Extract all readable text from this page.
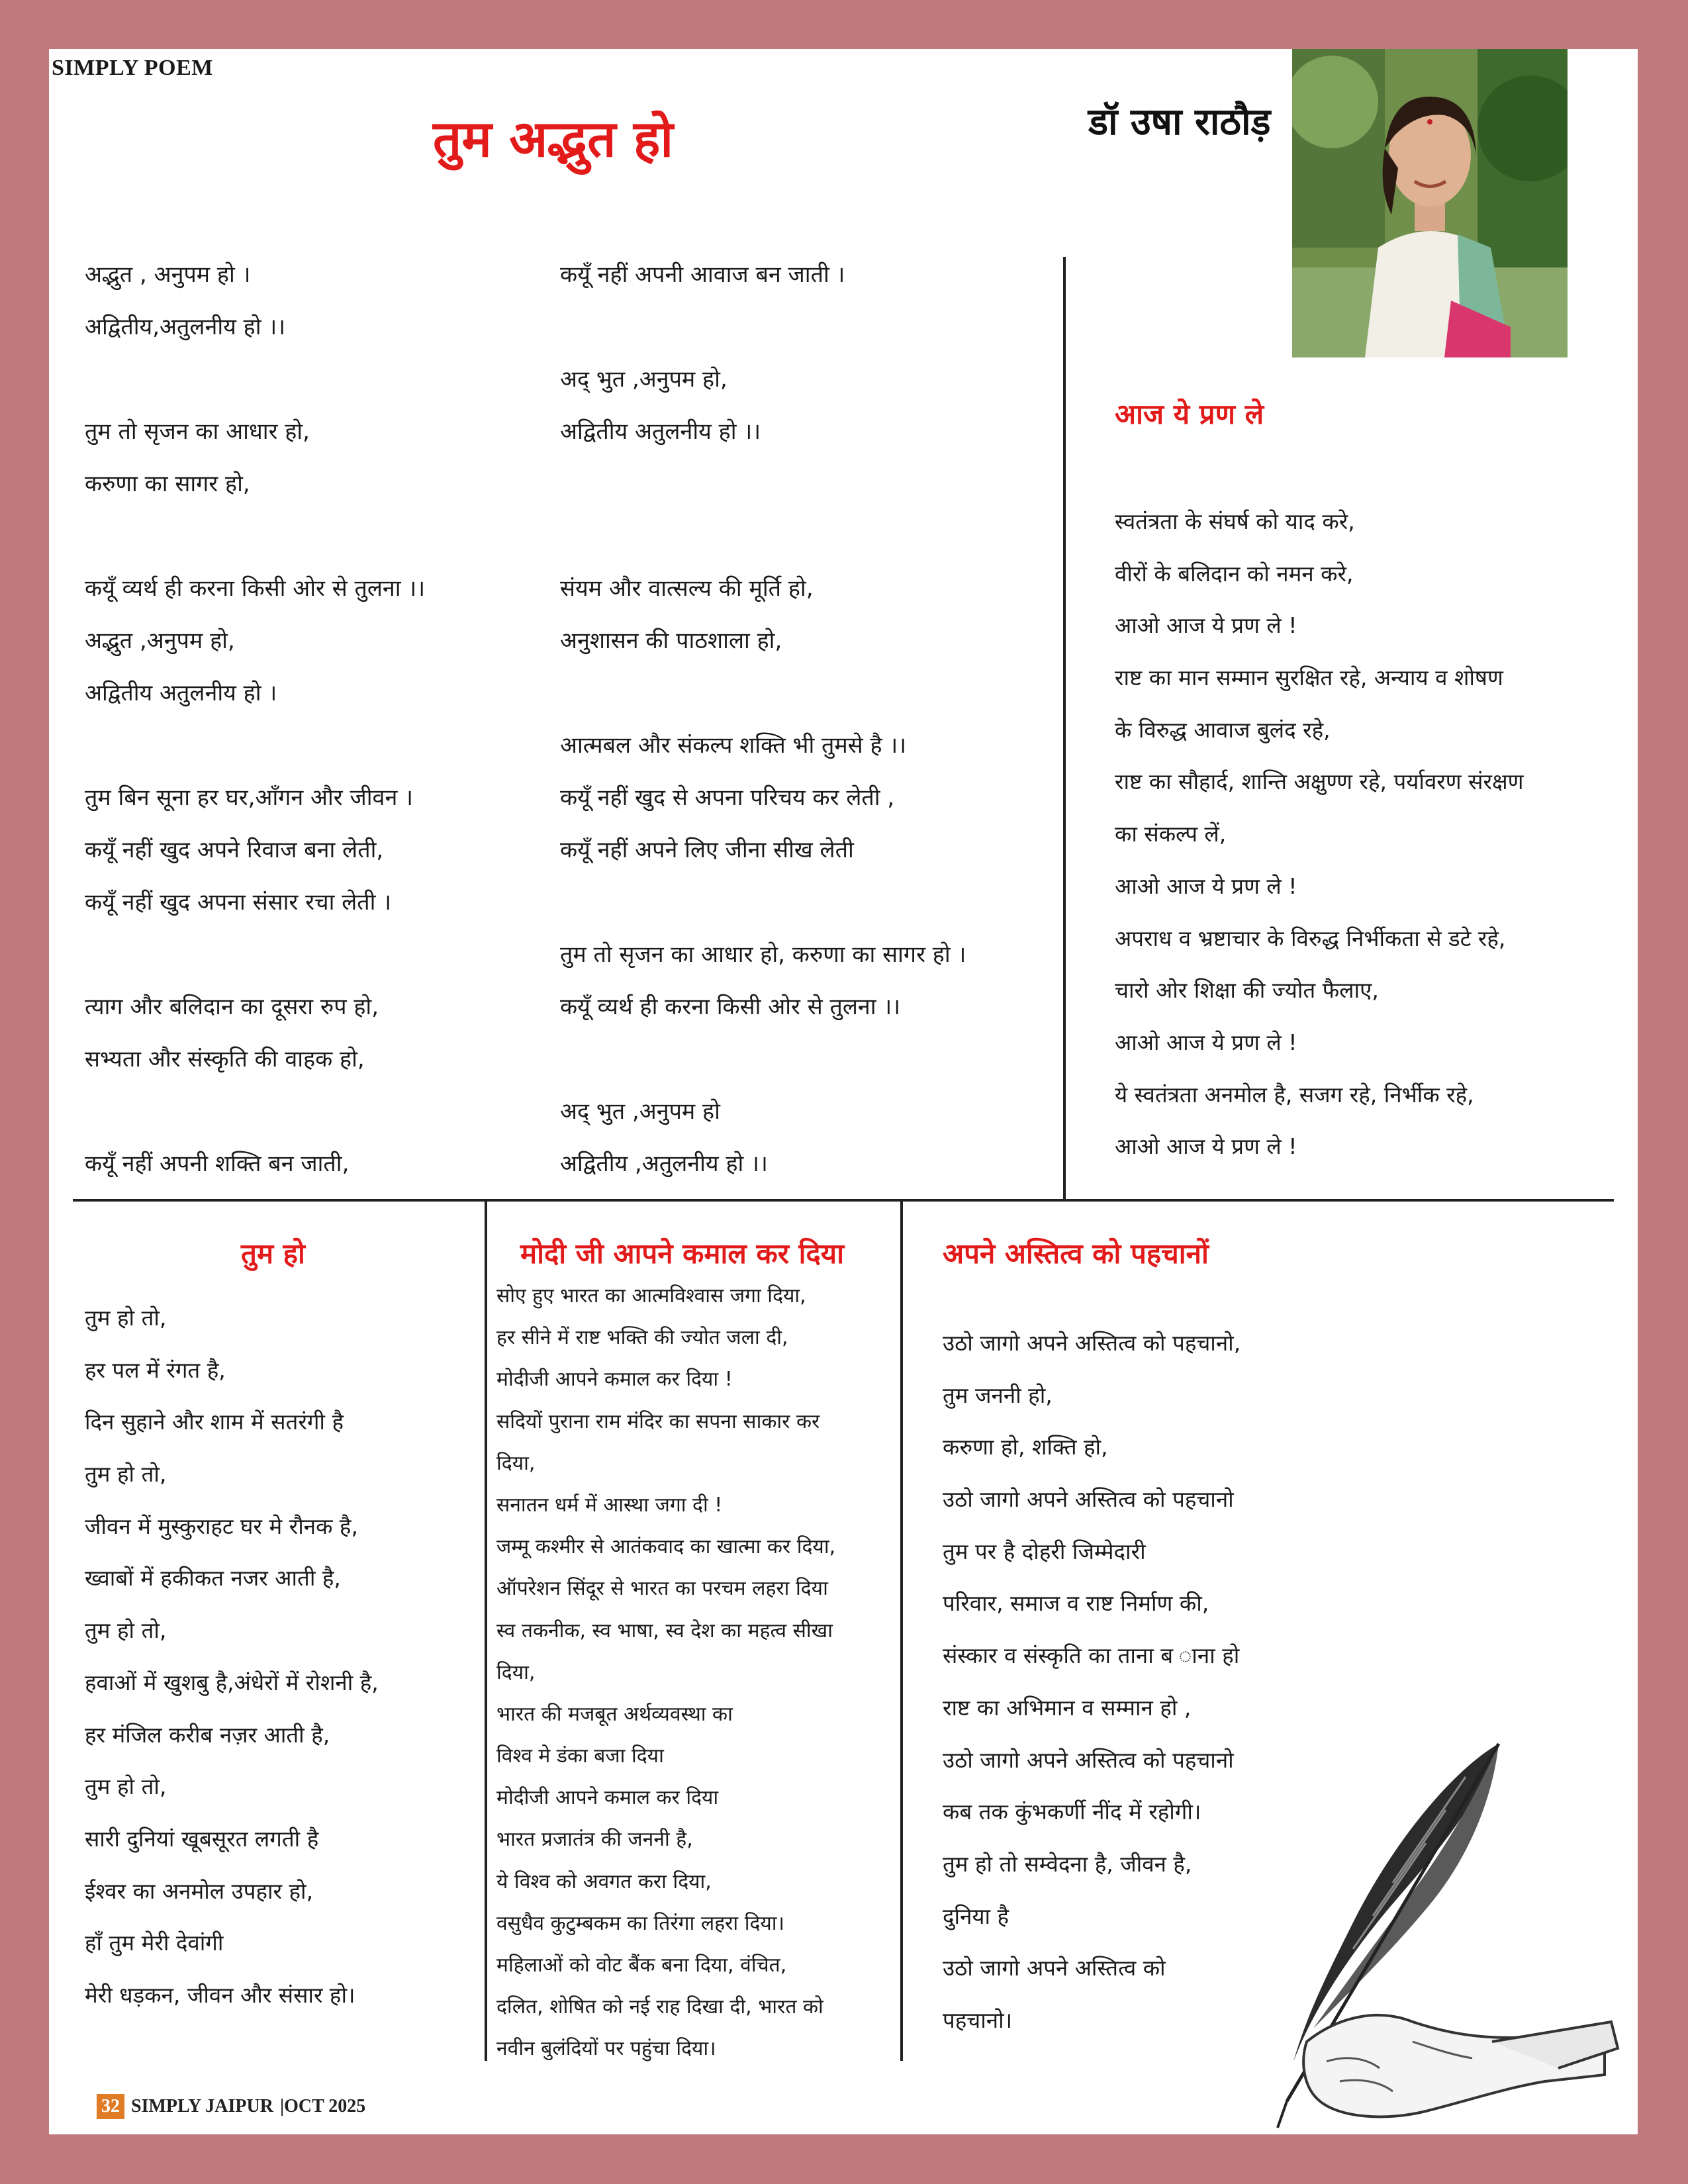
SIMPLY POEM
तुम अद्भुत हो	डॉ उषा राठौड़
अद्भुत , अनुपम हो ।
अद्वितीय,अतुलनीय हो ।।
तुम तो सृजन का आधार हो,
करुणा का सागर हो,
कयूँ व्यर्थ ही करना किसी ओर से तुलना ।।
अद्भुत ,अनुपम हो,
अद्वितीय अतुलनीय हो ।
तुम बिन सूना हर घर,आँगन और जीवन ।
कयूँ नहीं खुद अपने रिवाज बना लेती,
कयूँ नहीं खुद अपना संसार रचा लेती ।
त्याग और बलिदान का दूसरा रुप हो,
सभ्यता और संस्कृति की वाहक हो,
कयूँ नहीं अपनी शक्ति बन जाती,
कयूँ नहीं अपनी आवाज बन जाती ।
अद् भुत ,अनुपम हो,
अद्वितीय अतुलनीय हो ।।
संयम और वात्सल्य की मूर्ति हो,
अनुशासन की पाठशाला हो,
आत्मबल और संकल्प शक्ति भी तुमसे है ।।
कयूँ नहीं खुद से अपना परिचय कर लेती ,
कयूँ नहीं अपने लिए जीना सीख लेती
तुम तो सृजन का आधार हो, करुणा का सागर हो ।
कयूँ व्यर्थ ही करना किसी ओर से तुलना ।।
अद् भुत ,अनुपम हो
अद्वितीय ,अतुलनीय हो ।।
आज ये प्रण ले
स्वतंत्रता के संघर्ष को याद करे,
वीरों के बलिदान को नमन करे,
आओ आज ये प्रण ले !
राष्ट का मान सम्मान सुरक्षित रहे, अन्याय व शोषण
के विरुद्ध आवाज बुलंद रहे,
राष्ट का सौहार्द, शान्ति अक्षुण्ण रहे, पर्यावरण संरक्षण
का संकल्प लें,
आओ आज ये प्रण ले !
अपराध व भ्रष्टाचार के विरुद्ध निर्भीकता से डटे रहे,
चारो ओर शिक्षा की ज्योत फैलाए,
आओ आज ये प्रण ले !
ये स्वतंत्रता अनमोल है, सजग रहे, निर्भीक रहे,
आओ आज ये प्रण ले !
तुम हो
तुम हो तो,
हर पल में रंगत है,
दिन सुहाने और शाम में सतरंगी है
तुम हो तो,
जीवन में मुस्कुराहट घर मे रौनक है,
ख्वाबों में हकीकत नजर आती है,
तुम हो तो,
हवाओं में खुशबु है,अंधेरों में रोशनी है,
हर मंजिल करीब नज़र आती है,
तुम हो तो,
सारी दुनियां खूबसूरत लगती है
ईश्वर का अनमोल उपहार हो,
हाँ तुम मेरी देवांगी
मेरी धड़कन, जीवन और संसार हो।
मोदी जी आपने कमाल कर दिया
सोए हुए भारत का आत्मविश्वास जगा दिया,
हर सीने में राष्ट भक्ति की ज्योत जला दी,
मोदीजी आपने कमाल कर दिया !
सदियों पुराना राम मंदिर का सपना साकार कर
दिया,
सनातन धर्म में आस्था जगा दी !
जम्मू कश्मीर से आतंकवाद का खात्मा कर दिया,
ऑपरेशन सिंदूर से भारत का परचम लहरा दिया
स्व तकनीक, स्व भाषा, स्व देश का महत्व सीखा
दिया,
भारत की मजबूत अर्थव्यवस्था का
विश्व मे डंका बजा दिया
मोदीजी आपने कमाल कर दिया
भारत प्रजातंत्र की जननी है,
ये विश्व को अवगत करा दिया,
वसुधैव कुटुम्बकम का तिरंगा लहरा दिया।
महिलाओं को वोट बैंक बना दिया, वंचित,
दलित, शोषित को नई राह दिखा दी, भारत को
नवीन बुलंदियों पर पहुंचा दिया।
अपने अस्तित्व को पहचानों
उठो जागो अपने अस्तित्व को पहचानो,
तुम जननी हो,
करुणा हो, शक्ति हो,
उठो जागो अपने अस्तित्व को पहचानो
तुम पर है दोहरी जिम्मेदारी
परिवार, समाज व राष्ट निर्माण की,
संस्कार व संस्कृति का ताना ब ाना हो
राष्ट का अभिमान व सम्मान हो ,
उठो जागो अपने अस्तित्व को पहचानो
कब तक कुंभकर्णी नींद में रहोगी।
तुम हो तो सम्वेदना है, जीवन है,
दुनिया है
उठो जागो अपने अस्तित्व को
पहचानो।
32 SIMPLY JAIPUR |OCT 2025
